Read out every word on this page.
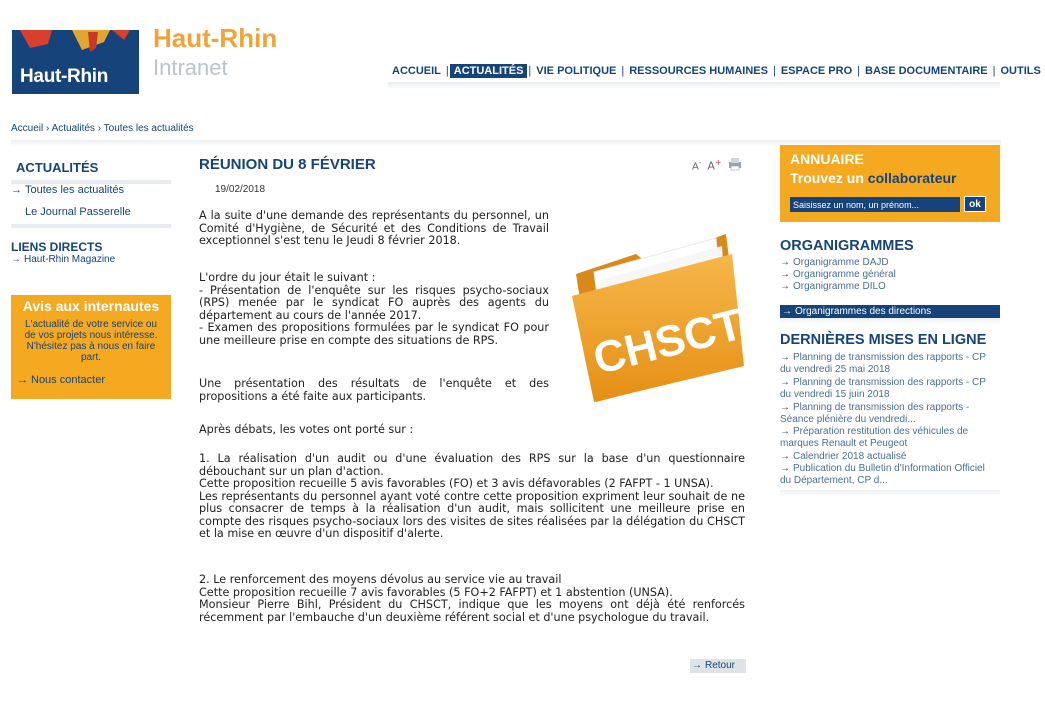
Haut-Rhin
Haut-Rhin
Intranet	ACCUEIL | ACTUALITÉS | VIE POLITIQUE | RESSOURCES HUMAINES | ESPACE PRO | BASE DOCUMENTAIRE | OUTILS
Accueil › Actualités › Toutes les actualités
ACTUALITÉS
→ Toutes les actualités
Le Journal Passerelle
LIENS DIRECTS
→ Haut-Rhin Magazine
Avis aux internautes
L'actualité de votre service ou de vos projets nous intéresse. N'hésitez pas à nous en faire part.
→ Nous contacter
RÉUNION DU 8 FÉVRIER	A- A+
19/02/2018
A la suite d'une demande des représentants du personnel, un Comité d'Hygiène, de Sécurité et des Conditions de Travail exceptionnel s'est tenu le Jeudi 8 février 2018.
L'ordre du jour était le suivant :
- Présentation de l'enquête sur les risques psycho-sociaux (RPS) menée par le syndicat FO auprès des agents du département au cours de l'année 2017.
- Examen des propositions formulées par le syndicat FO pour une meilleure prise en compte des situations de RPS.
Une présentation des résultats de l'enquête et des propositions a été faite aux participants.
Après débats, les votes ont porté sur :
CHSCT
1. La réalisation d'un audit ou d'une évaluation des RPS sur la base d'un questionnaire débouchant sur un plan d'action.
Cette proposition recueille 5 avis favorables (FO) et 3 avis défavorables (2 FAFPT - 1 UNSA).
Les représentants du personnel ayant voté contre cette proposition expriment leur souhait de ne plus consacrer de temps à la réalisation d'un audit, mais sollicitent une meilleure prise en compte des risques psycho-sociaux lors des visites de sites réalisées par la délégation du CHSCT et la mise en œuvre d'un dispositif d'alerte.
2. Le renforcement des moyens dévolus au service vie au travail
Cette proposition recueille 7 avis favorables (5 FO+2 FAFPT) et 1 abstention (UNSA).
Monsieur Pierre Bihl, Président du CHSCT, indique que les moyens ont déjà été renforcés récemment par l'embauche d'un deuxième référent social et d'une psychologue du travail.
→ Retour
ANNUAIRE
Trouvez un collaborateur
Saisissez un nom, un prénom...
ok
ORGANIGRAMMES
→ Organigramme DAJD
→ Organigramme général
→ Organigramme DILO
→ Organigrammes des directions
DERNIÈRES MISES EN LIGNE
→ Planning de transmission des rapports - CP du vendredi 25 mai 2018
→ Planning de transmission des rapports - CP du vendredi 15 juin 2018
→ Planning de transmission des rapports - Séance plénière du vendredi...
→ Préparation restitution des véhicules de marques Renault et Peugeot
→ Calendrier 2018 actualisé
→ Publication du Bulletin d'Information Officiel du Département, CP d...
